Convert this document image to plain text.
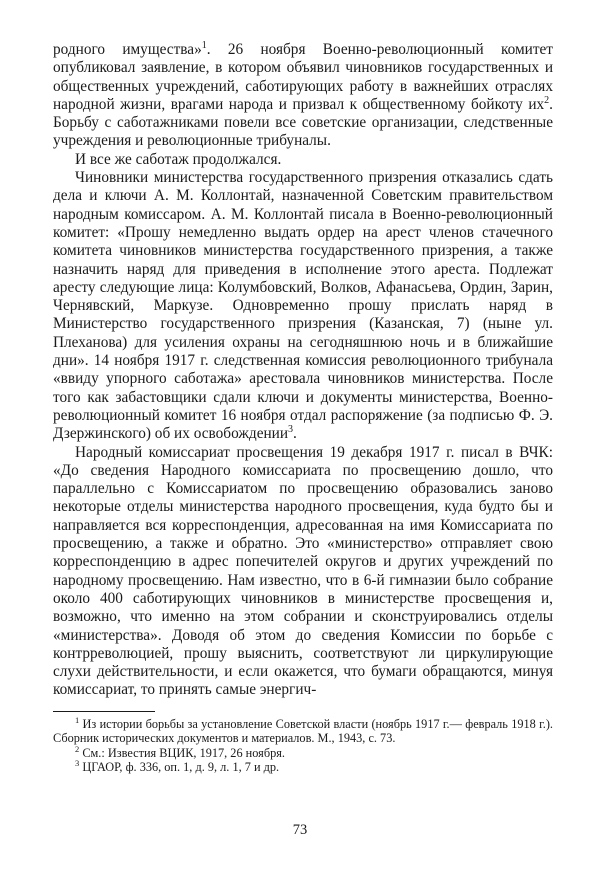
родного имущества»$^1$. 26 ноября Военно-революционный комитет опубликовал заявление, в котором объявил чиновников государственных и общественных учреждений, саботирующих работу в важнейших отраслях народной жизни, врагами народа и призвал к общественному бойкоту $их^2$. Борьбу с саботажниками повели все советские организации, следственные учреждения и революционные трибуналы.

И все же саботаж продолжался.

Чиновники министерства государственного призрения отказались сдать дела и ключи А. М. Коллонтай, назначенной Советским правительством народным комиссаром. А. М. Коллонтай писала в Военно-революционный комитет: «Прошу немедленно выдать ордер на арест членов стачечного комитета чиновников министерства государственного призрения, а также назначить наряд для приведения в исполнение этого ареста. Подлежат аресту следующие лица: Колумбовский, Волков, Афанасьева, Ордин, Зарин, Чернявский, Маркузе. Одновременно прошу прислать наряд в Министерство государственного призрения (Казанская, 7) (ныне ул. Плеханова) для усиления охраны на сегодняшнюю ночь и в ближайшие дни». 14 ноября 1917 г. следственная комиссия революционного трибунала «ввиду упорного саботажа» арестовала чиновников министерства. После того как забастовщики сдали ключи и документы министерства, Военно-революционный комитет 16 ноября отдал распоряжение (за подписью Ф. Э. Дзержинского) об их освобождении$^3$.

Народный комиссариат просвещения 19 декабря 1917 г. писал в ВЧК: «До сведения Народного комиссариата по просвещению дошло, что параллельно с Комиссариатом по просвещению образовались заново некоторые отделы министерства народного просвещения, куда будто бы и направляется вся корреспонденция, адресованная на имя Комиссариата по просвещению, а также и обратно. Это «министерство» отправляет свою корреспонденцию в адрес попечителей округов и других учреждений по народному просвещению. Нам известно, что в 6-й гимназии было собрание около 400 саботирующих чиновников в министерстве просвещения и, возможно, что именно на этом собрании и сконструировались отделы «министерства». Доводя об этом до сведения Комиссии по борьбе с контрреволюцией, прошу выяснить, соответствуют ли циркулирующие слухи действительности, и если окажется, что бумаги обращаются, минуя комиссариат, то принять самые энергич-

$^1$ Из истории борьбы за установление Советской власти (ноябрь 1917 г.— февраль 1918 г.). Сборник исторических документов и материалов. М., 1943, с. 73.

$^2$ См.: Известия ВЦИК, 1917, 26 ноября.

$^3$ ЦГАОР, ф. 336, оп. 1, д. 9, л. 1, 7 и др.

73
